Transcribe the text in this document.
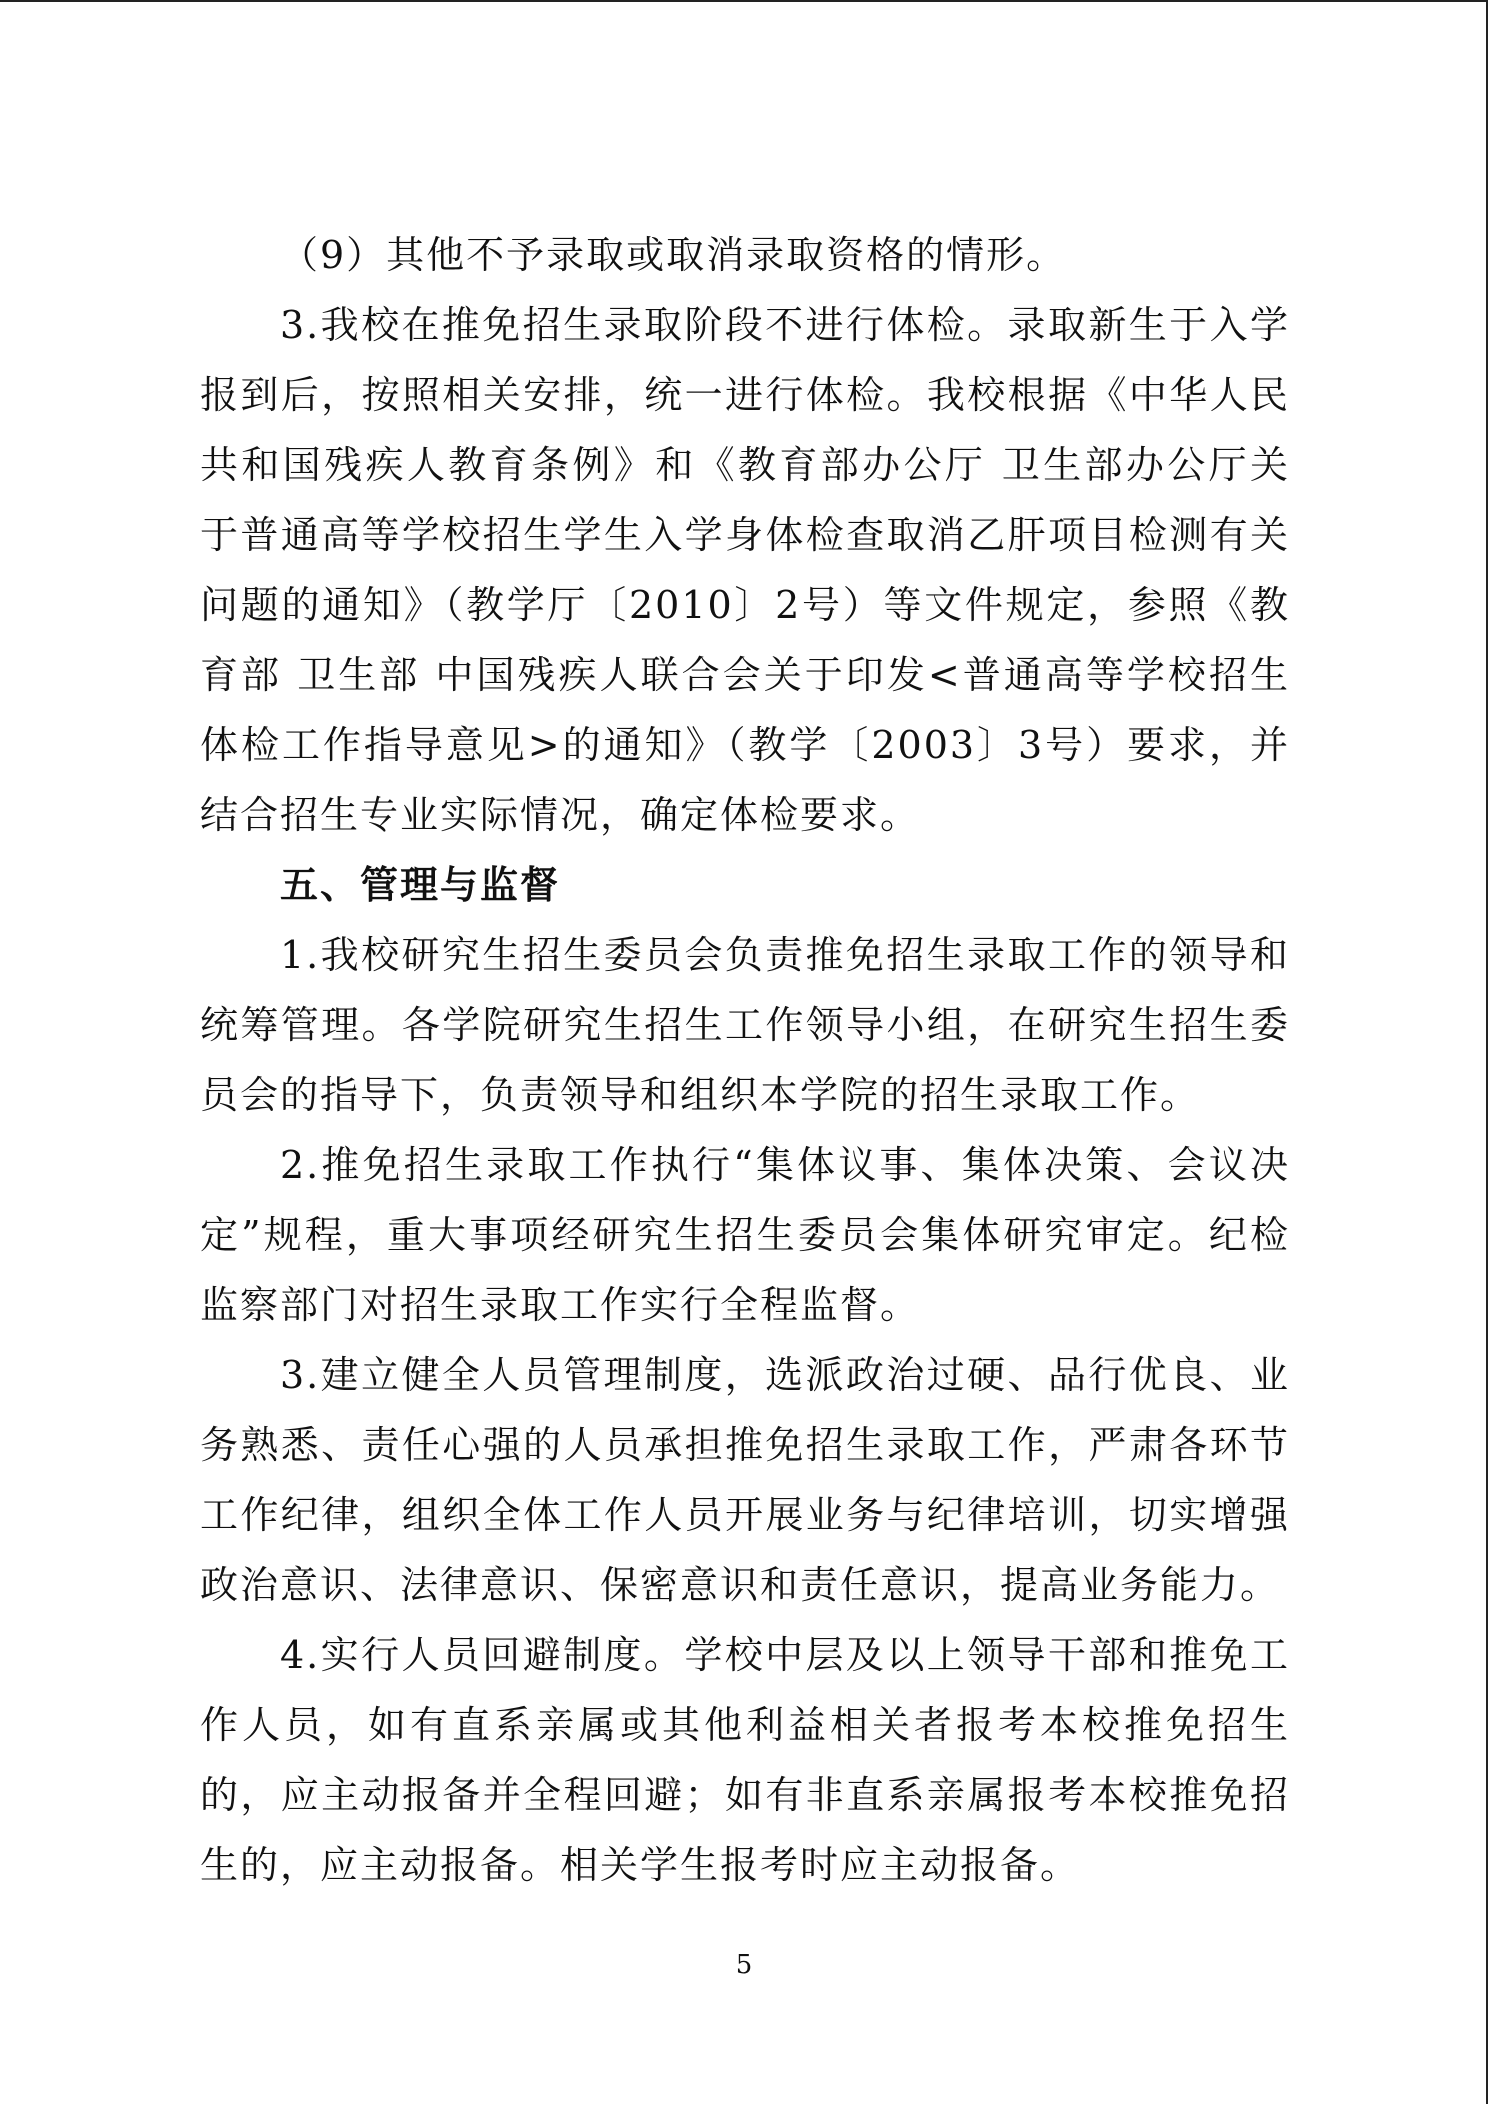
（9）其他不予录取或取消录取资格的情形。

3.我校在推免招生录取阶段不进行体检。录取新生于入学报到后，按照相关安排，统一进行体检。我校根据《中华人民共和国残疾人教育条例》和《教育部办公厅 卫生部办公厅关于普通高等学校招生学生入学身体检查取消乙肝项目检测有关问题的通知》（教学厅〔2010〕2号）等文件规定，参照《教育部 卫生部 中国残疾人联合会关于印发<普通高等学校招生体检工作指导意见>的通知》（教学〔2003〕3号）要求，并结合招生专业实际情况，确定体检要求。

五、管理与监督

1.我校研究生招生委员会负责推免招生录取工作的领导和统筹管理。各学院研究生招生工作领导小组，在研究生招生委员会的指导下，负责领导和组织本学院的招生录取工作。

2.推免招生录取工作执行“集体议事、集体决策、会议决定”规程，重大事项经研究生招生委员会集体研究审定。纪检监察部门对招生录取工作实行全程监督。

3.建立健全人员管理制度，选派政治过硬、品行优良、业务熟悉、责任心强的人员承担推免招生录取工作，严肃各环节工作纪律，组织全体工作人员开展业务与纪律培训，切实增强政治意识、法律意识、保密意识和责任意识，提高业务能力。

4.实行人员回避制度。学校中层及以上领导干部和推免工作人员，如有直系亲属或其他利益相关者报考本校推免招生的，应主动报备并全程回避；如有非直系亲属报考本校推免招生的，应主动报备。相关学生报考时应主动报备。

5
